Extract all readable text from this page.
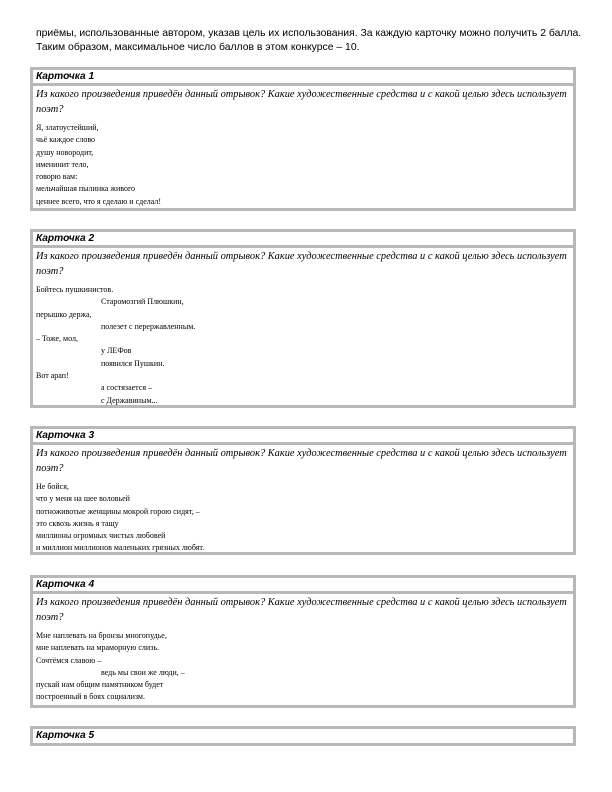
приёмы, использованные автором, указав цель их использования. За каждую карточку можно получить 2 балла.
Таким образом, максимальное число баллов в этом конкурсе – 10.
Карточка 1
Из какого произведения приведён данный отрывок? Какие художественные средства и с какой целью здесь использует поэт?
Я, златоустейший,
чьё каждое слово
душу новородит,
именинит тело,
говорю вам:
мельчайшая пылинка живого
ценнее всего, что я сделаю и сделал!
Карточка 2
Из какого произведения приведён данный отрывок? Какие художественные средства и с какой целью здесь использует поэт?
Бойтесь пушкинистов.
Старомозгий Плюшкин,
перышко держа,
полезет с перержавленным.
– Тоже, мол,
у ЛЕФов
появился Пушкин.
Вот арап!
а состязается –
с Державиным...
Карточка 3
Из какого произведения приведён данный отрывок? Какие художественные средства и с какой целью здесь использует поэт?
Не бойся,
что у меня на шее воловьей
потноживотые женщины мокрой горою сидят, –
это сквозь жизнь я тащу
миллионы огромных чистых любовей
и миллион миллионов маленьких грязных любят.
Карточка 4
Из какого произведения приведён данный отрывок? Какие художественные средства и с какой целью здесь использует поэт?
Мне наплевать на бронзы многопудье,
мне наплевать на мраморную слизь.
Сочтёмся славою –
ведь мы свои же люди, –
пускай нам общим памятником будет
построенный в боях социализм.
Карточка 5
